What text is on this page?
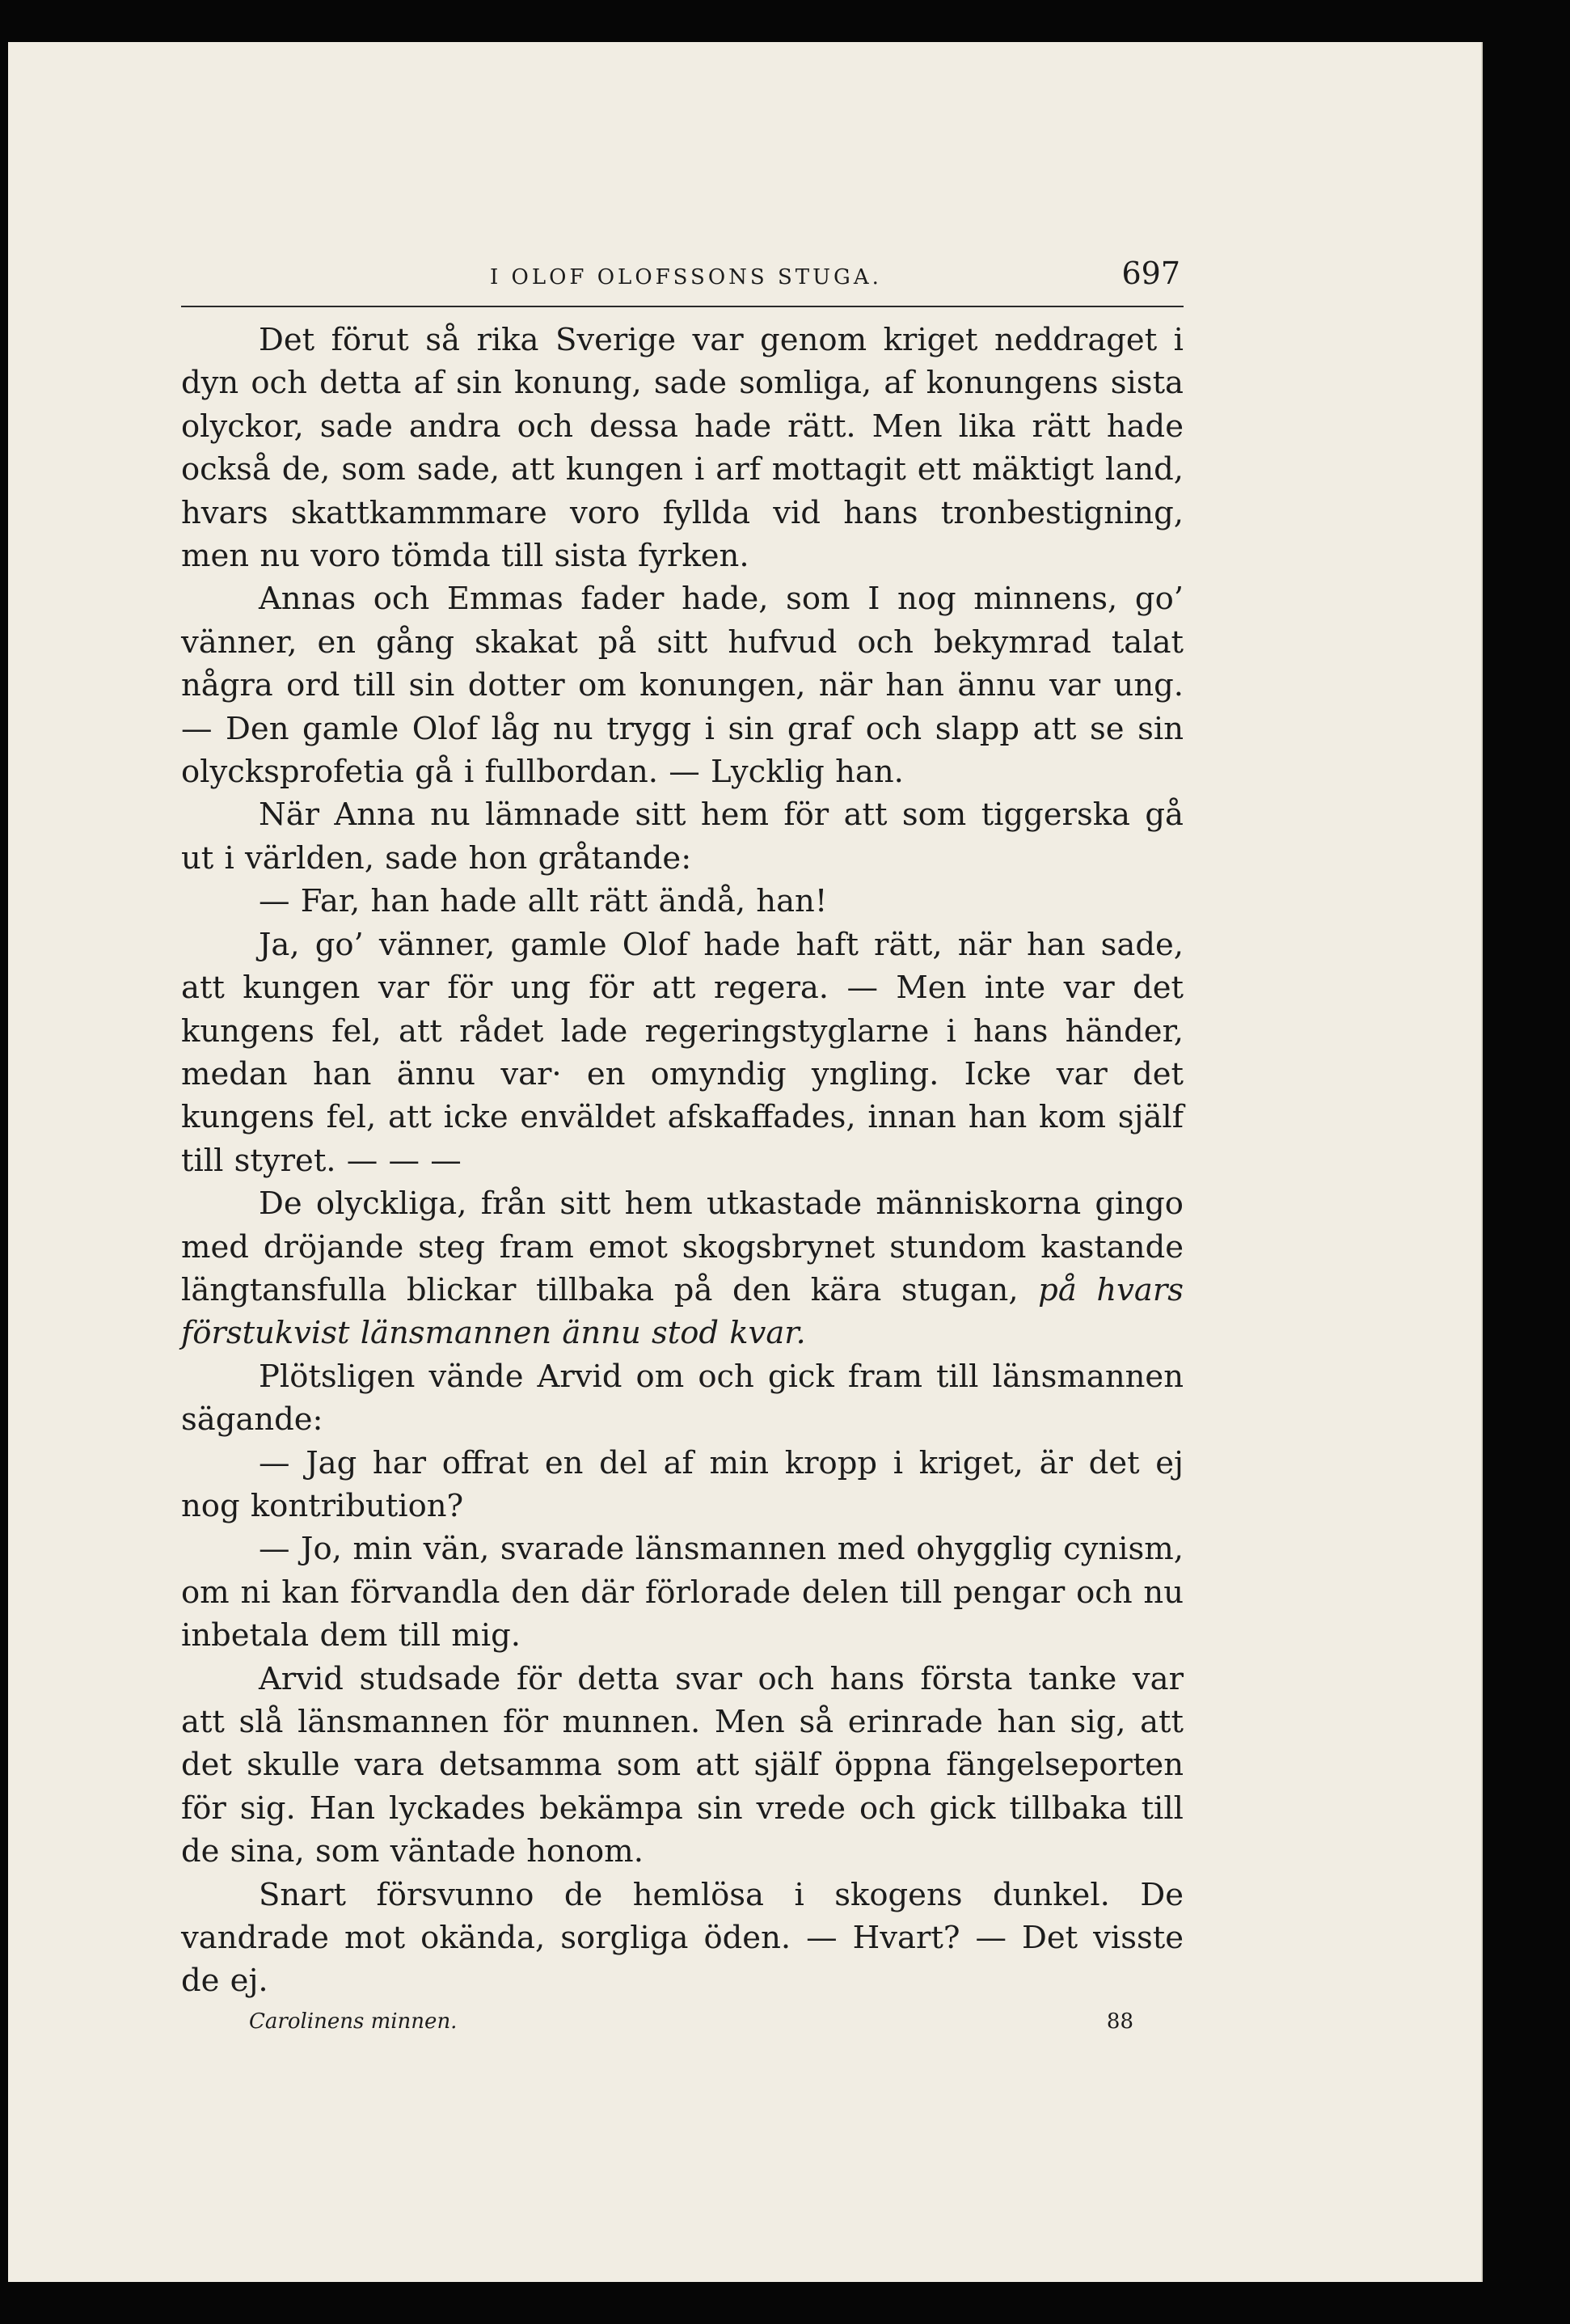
I OLOF OLOFSSONS STUGA.	697

Det förut så rika Sverige var genom kriget neddraget i dyn och detta af sin konung, sade somliga, af konungens sista olyckor, sade andra och dessa hade rätt. Men lika rätt hade också de, som sade, att kungen i arf mottagit ett mäktigt land, hvars skattkammmare voro fyllda vid hans tronbestigning, men nu voro tömda till sista fyrken.

Annas och Emmas fader hade, som I nog minnens, go’ vänner, en gång skakat på sitt hufvud och bekymrad talat några ord till sin dotter om konungen, när han ännu var ung. — Den gamle Olof låg nu trygg i sin graf och slapp att se sin olycksprofetia gå i fullbordan. — Lycklig han.

När Anna nu lämnade sitt hem för att som tiggerska gå ut i världen, sade hon gråtande:

— Far, han hade allt rätt ändå, han!

Ja, go’ vänner, gamle Olof hade haft rätt, när han sade, att kungen var för ung för att regera. — Men inte var det kungens fel, att rådet lade regeringstyglarne i hans händer, medan han ännu var· en omyndig yngling. Icke var det kungens fel, att icke enväldet afskaffades, innan han kom själf till styret. — — —

De olyckliga, från sitt hem utkastade människorna gingo med dröjande steg fram emot skogsbrynet stundom kastande längtansfulla blickar tillbaka på den kära stugan, på hvars förstukvist länsmannen ännu stod kvar.

Plötsligen vände Arvid om och gick fram till länsmannen sägande:

— Jag har offrat en del af min kropp i kriget, är det ej nog kontribution?

— Jo, min vän, svarade länsmannen med ohygglig cynism, om ni kan förvandla den där förlorade delen till pengar och nu inbetala dem till mig.

Arvid studsade för detta svar och hans första tanke var att slå länsmannen för munnen. Men så erinrade han sig, att det skulle vara detsamma som att själf öppna fängelseporten för sig. Han lyckades bekämpa sin vrede och gick tillbaka till de sina, som väntade honom.

Snart försvunno de hemlösa i skogens dunkel. De vandrade mot okända, sorgliga öden. — Hvart? — Det visste de ej.

Carolinens minnen.	88
